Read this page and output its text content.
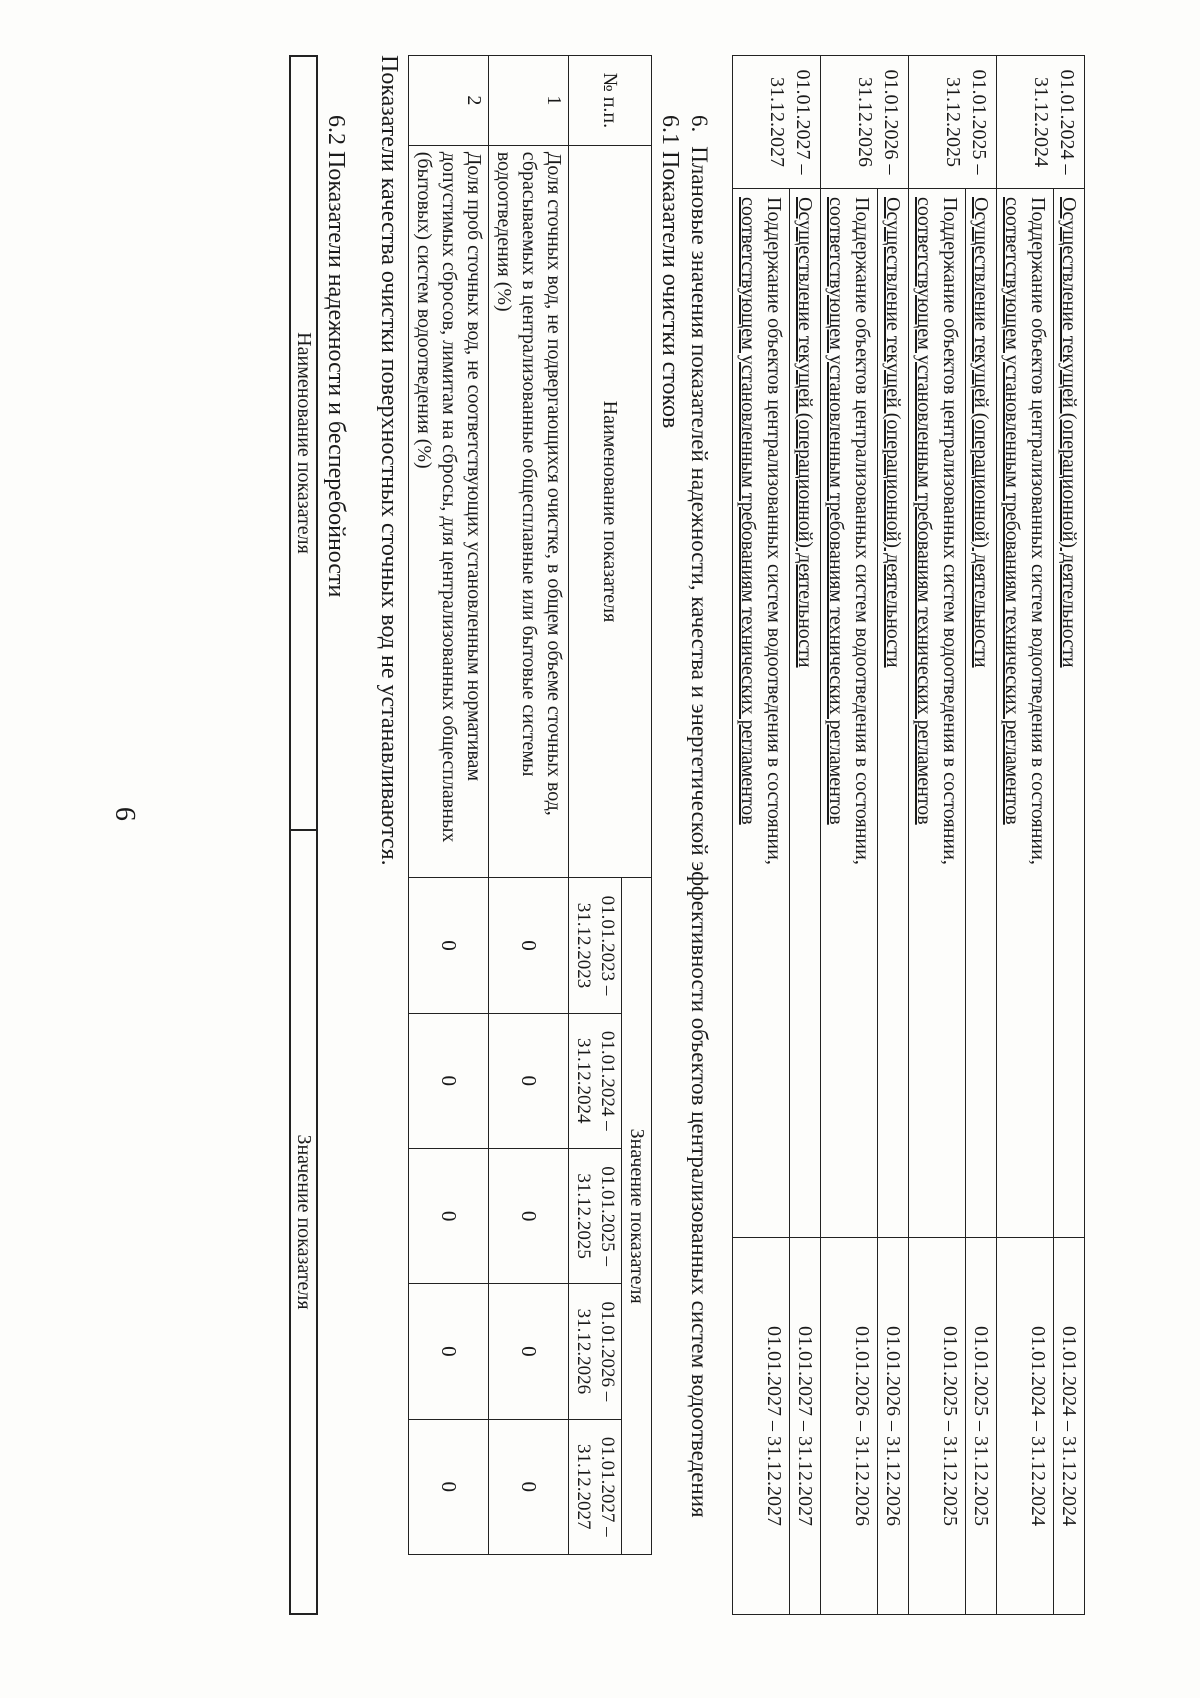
9
01.01.2024 – 31.12.2024	Осуществление текущей (операционной) деятельности	01.01.2024 – 31.12.2024

	Поддержание объектов централизованных систем водоотведения в состоянии,
соответствующем установленным требованиям технических регламентов	01.01.2024 – 31.12.2024
01.01.2025 – 31.12.2025	Осуществление текущей (операционной) деятельности	01.01.2025 – 31.12.2025

	Поддержание объектов централизованных систем водоотведения в состоянии,
соответствующем установленным требованиям технических регламентов	01.01.2025 – 31.12.2025
01.01.2026 – 31.12.2026	Осуществление текущей (операционной) деятельности	01.01.2026 – 31.12.2026

	Поддержание объектов централизованных систем водоотведения в состоянии,
соответствующем установленным требованиям технических регламентов	01.01.2026 – 31.12.2026
01.01.2027 – 31.12.2027	Осуществление текущей (операционной) деятельности	01.01.2027 – 31.12.2027

	Поддержание объектов централизованных систем водоотведения в состоянии,
соответствующем установленным требованиям технических регламентов	01.01.2027 – 31.12.2027

6.Плановые значения показателей надежности, качества и энергетической эффективности объектов централизованных систем водоотведения

6.1 Показатели очистки стоков

№ п.п.	Наименование показателя	Значение показателя				
		01.01.2023 – 31.12.2023	01.01.2024 – 31.12.2024	01.01.2025 – 31.12.2025	01.01.2026 – 31.12.2026	01.01.2027 – 31.12.2027
1	Доля сточных вод, не подвергающихся очистке, в общем объеме сточных вод, сбрасываемых в централизованные общесплавные или бытовые системы водоотведения (%)	0	0	0	0	0
2	Доля проб сточных вод, не соответствующих установленным нормативам допустимых сбросов, лимитам на сбросы, для централизованных общесплавных (бытовых) систем водоотведения (%)	0	0	0	0	0

Показатели качества очистки поверхностных сточных вод не устанавливаются.

6.2 Показатели надежности и бесперебойности

Наименование показателя	Значение показателя
